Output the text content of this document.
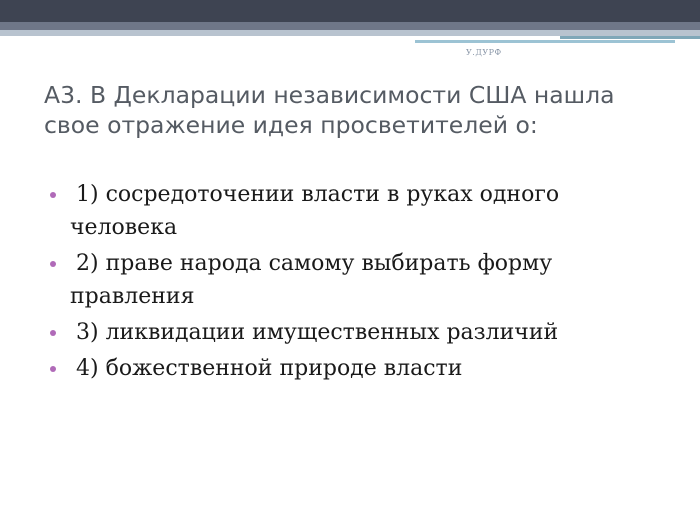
У.ДУРФ
А3. В Декларации независимости США нашла свое отражение идея просветителей о:
1) сосредоточении власти в руках одного человека
2) праве народа самому выбирать форму правления
3) ликвидации имущественных различий
4) божественной природе власти
